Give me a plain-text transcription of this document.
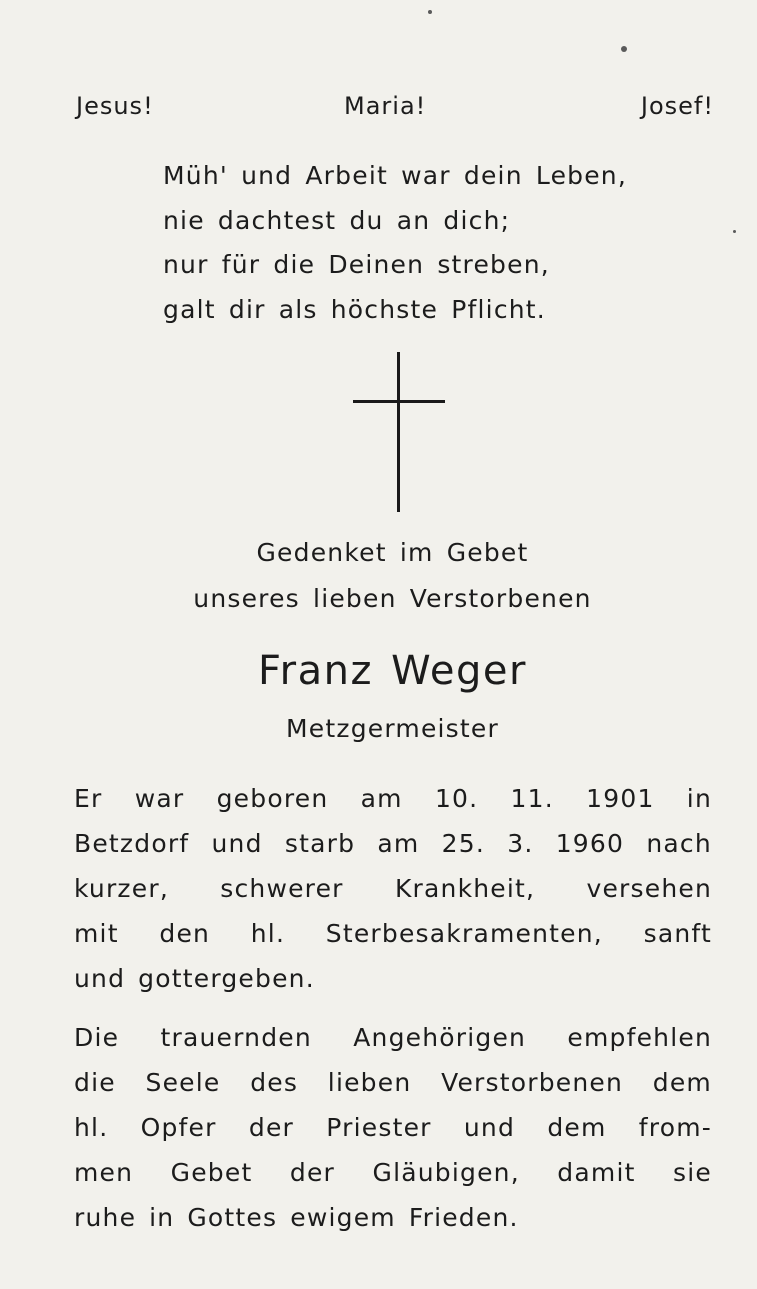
Jesus!	Maria!	Josef!
Müh' und Arbeit war dein Leben,
nie dachtest du an dich;
nur für die Deinen streben,
galt dir als höchste Pflicht.
Gedenket im Gebet
unseres lieben Verstorbenen
Franz Weger
Metzgermeister
Er war geboren am 10. 11. 1901 in
Betzdorf und starb am 25. 3. 1960 nach
kurzer, schwerer Krankheit, versehen
mit den hl. Sterbesakramenten, sanft
und gottergeben.
Die trauernden Angehörigen empfehlen
die Seele des lieben Verstorbenen dem
hl. Opfer der Priester und dem from-
men Gebet der Gläubigen, damit sie
ruhe in Gottes ewigem Frieden.
